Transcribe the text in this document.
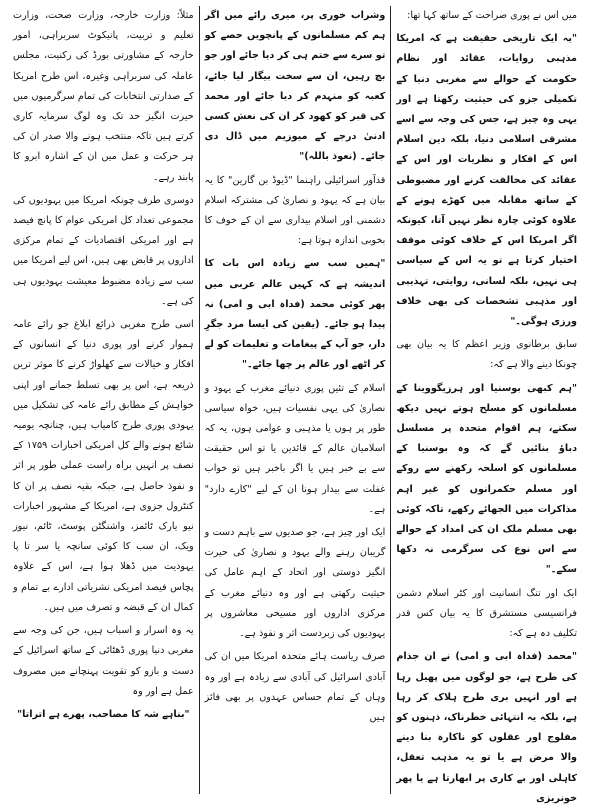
میں اس نے پوری صراحت کے ساتھ کہا تھا:

"یہ ایک تاریخی حقیقت ہے کہ امریکا مذہبی روایات، عقائد اور نظام حکومت کے حوالے سے مغربی دنیا کے تکمیلی جزو کی حیثیت رکھتا ہے اور یہی وہ چیز ہے، جس کی وجہ سے اسے مشرقی اسلامی دنیا، بلکہ دین اسلام اس کے افکار و نظریات اور اس کے عقائد کی مخالفت کرنے اور مضبوطی کے ساتھ مقابلہ میں کھڑے ہونے کے علاوہ کوئی چارہ نظر نہیں آتا، کیونکہ اگر امریکا اس کے خلاف کوئی موقف اختیار کرتا ہے تو یہ اس کے سیاسی ہی نہیں، بلکہ لسانی، روایتی، تہذیبی اور مذہبی تشخصات کی بھی خلاف ورزی ہوگی۔"

سابق برطانوی وزیر اعظم کا یہ بیان بھی چونکا دینے والا ہے کہ:

"ہم کبھی بوسنیا اور ہرزیگووینا کے مسلمانوں کو مسلح ہوتے نہیں دیکھ سکتے، ہم اقوام متحدہ پر مسلسل دباؤ بنائیں گے کہ وہ بوسنیا کے مسلمانوں کو اسلحہ رکھنے سے روکے اور مسلم حکمرانوں کو غیر اہم مذاکرات میں الجھائے رکھے، تاکہ کوئی بھی مسلم ملک ان کی امداد کے حوالے سے اس نوع کی سرگرمی نہ دکھا سکے۔"

ایک اور تنگ انسانیت اور کٹر اسلام دشمن فرانسیسی مستشرق کا یہ بیان کس قدر تکلیف دہ ہے کہ:

"محمد (فداہ ابی و امی) نے ان جذام کی طرح ہے، جو لوگوں میں پھیل رہا ہے اور انہیں بری طرح ہلاک کر رہا ہے، بلکہ یہ انتہائی خطرناک، ذہنوں کو مفلوج اور عقلوں کو ناکارہ بنا دینے والا مرض ہے یا تو یہ مذہب تعقل، کاہلی اور بے کاری پر ابھارتا ہے یا پھر خونریزی

وشراب خوری پر، میری رائے میں اگر ہم کم مسلمانوں کے پانچویں حصے کو تو سرے سے ختم ہی کر دیا جائے اور جو بچ رہیں، ان سے سخت بیگار لیا جائے، کعبہ کو منہدم کر دیا جائے اور محمد کی قبر کو کھود کر ان کی نعش کسی ادنیٰ درجے کے میوزیم میں ڈال دی جائے۔ (نعوذ باللہ)"

قدآور اسرائیلی راہنما "ڈیوڈ بن گارین" کا یہ بیان ہے کہ یہود و نصاریٰ کی مشترکہ اسلام دشمنی اور اسلام بیداری سے ان کے خوف کا بخوبی اندازہ ہوتا ہے:

"ہمیں سب سے زیادہ اس بات کا اندیشہ ہے کہ کہیں عالم عربی میں پھر کوئی محمد (فداہ ابی و امی) نہ پیدا ہو جائے۔ (یقین کی ایسا مرد جگرِ دار، جو آپ کے پیغامات و تعلیمات کو لے کر اٹھے اور عالم پر چھا جائے۔"

اسلام کے تئیں پوری دنیائے مغرب کے یہود و نصاریٰ کی یہی نفسیات ہیں، خواہ سیاسی طور پر ہوں یا مذہبی و عوامی ہوں، یہ کہ اسلامیان عالم کے قائدین یا تو اس حقیقت سے بے خبر ہیں یا اگر باخبر ہیں تو خواب غفلت سے بیدار ہونا ان کے لیے "کارے دارد" ہے۔

ایک اور چیز ہے، جو صدیوں سے باہم دست و گریبان رہنے والے یہود و نصاریٰ کی حیرت انگیز دوستی اور اتحاد کے اہم عامل کی حیثیت رکھتی ہے اور وہ دنیائے مغرب کے مرکزی اداروں اور مسیحی معاشروں پر یہودیوں کی زبردست اثر و نفوذ ہے۔

صرف ریاست ہائے متحدہ امریکا میں ان کی آبادی اسرائیل کی آبادی سے زیادہ ہے اور وہ وہاں کے تمام حساس عہدوں پر بھی فائز ہیں

مثلاً: وزارت خارجہ، وزارت صحت، وزارت تعلیم و تربیت، پانیکوٹ سربراہی، امور خارجہ کے مشاورتی بورڈ کی رکنیت، مجلس عاملہ کی سربراہی وغیرہ، اس طرح امریکا کے صدارتی انتخابات کی تمام سرگرمیوں میں حیرت انگیز حد تک وہ لوگ سرمایہ کاری کرتے ہیں تاکہ منتخب ہونے والا صدر ان کی ہر حرکت و عمل میں ان کے اشارہ ابرو کا پابند رہے۔

دوسری طرف چونکہ امریکا میں یہودیوں کی مجموعی تعداد کل امریکی عوام کا پانچ فیصد ہے اور امریکی اقتصادیات کے تمام مرکزی اداروں پر قابض بھی ہیں، اس لیے امریکا میں سب سے زیادہ مضبوط معیشت یہودیوں ہی کی ہے۔

اسی طرح مغربی ذرائع ابلاغ جو رائے عامہ ہموار کرنے اور پوری دنیا کے انسانوں کے افکار و خیالات سے کھلواڑ کرنے کا موثر ترین ذریعہ ہے، اس پر بھی تسلط جمانے اور اپنی خواہش کے مطابق رائے عامہ کی تشکیل میں یہودی پوری طرح کامیاب ہیں، چنانچہ یومیہ شائع ہونے والے کل امریکی اخبارات ۱۷۵۹ کے نصف پر انہیں براہ راست عملی طور پر اثر و نفوذ حاصل ہے، جبکہ بقیہ نصف پر ان کا کنٹرول جزوی ہے، امریکا کے مشہور اخبارات نیو یارک ٹائمز، واشنگٹن پوسٹ، ٹائم، نیوز ویک، ان سب کا کوئی سانچہ یا سر تا پا یہودیت میں ڈھلا ہوا ہے، اس کے علاوہ پچاس فیصد امریکی نشریاتی ادارے بے تمام و کمال ان کے قبضہ و تصرف میں ہیں۔

یہ وہ اسرار و اسباب ہیں، جن کی وجہ سے مغربی دنیا پوری ڈھٹائی کے ساتھ اسرائیل کے دست و بازو کو تقویت پہنچانے میں مصروف عمل ہے اور وہ

"بناہے شہ کا مصاحب، پھرے ہے اتراتا"
